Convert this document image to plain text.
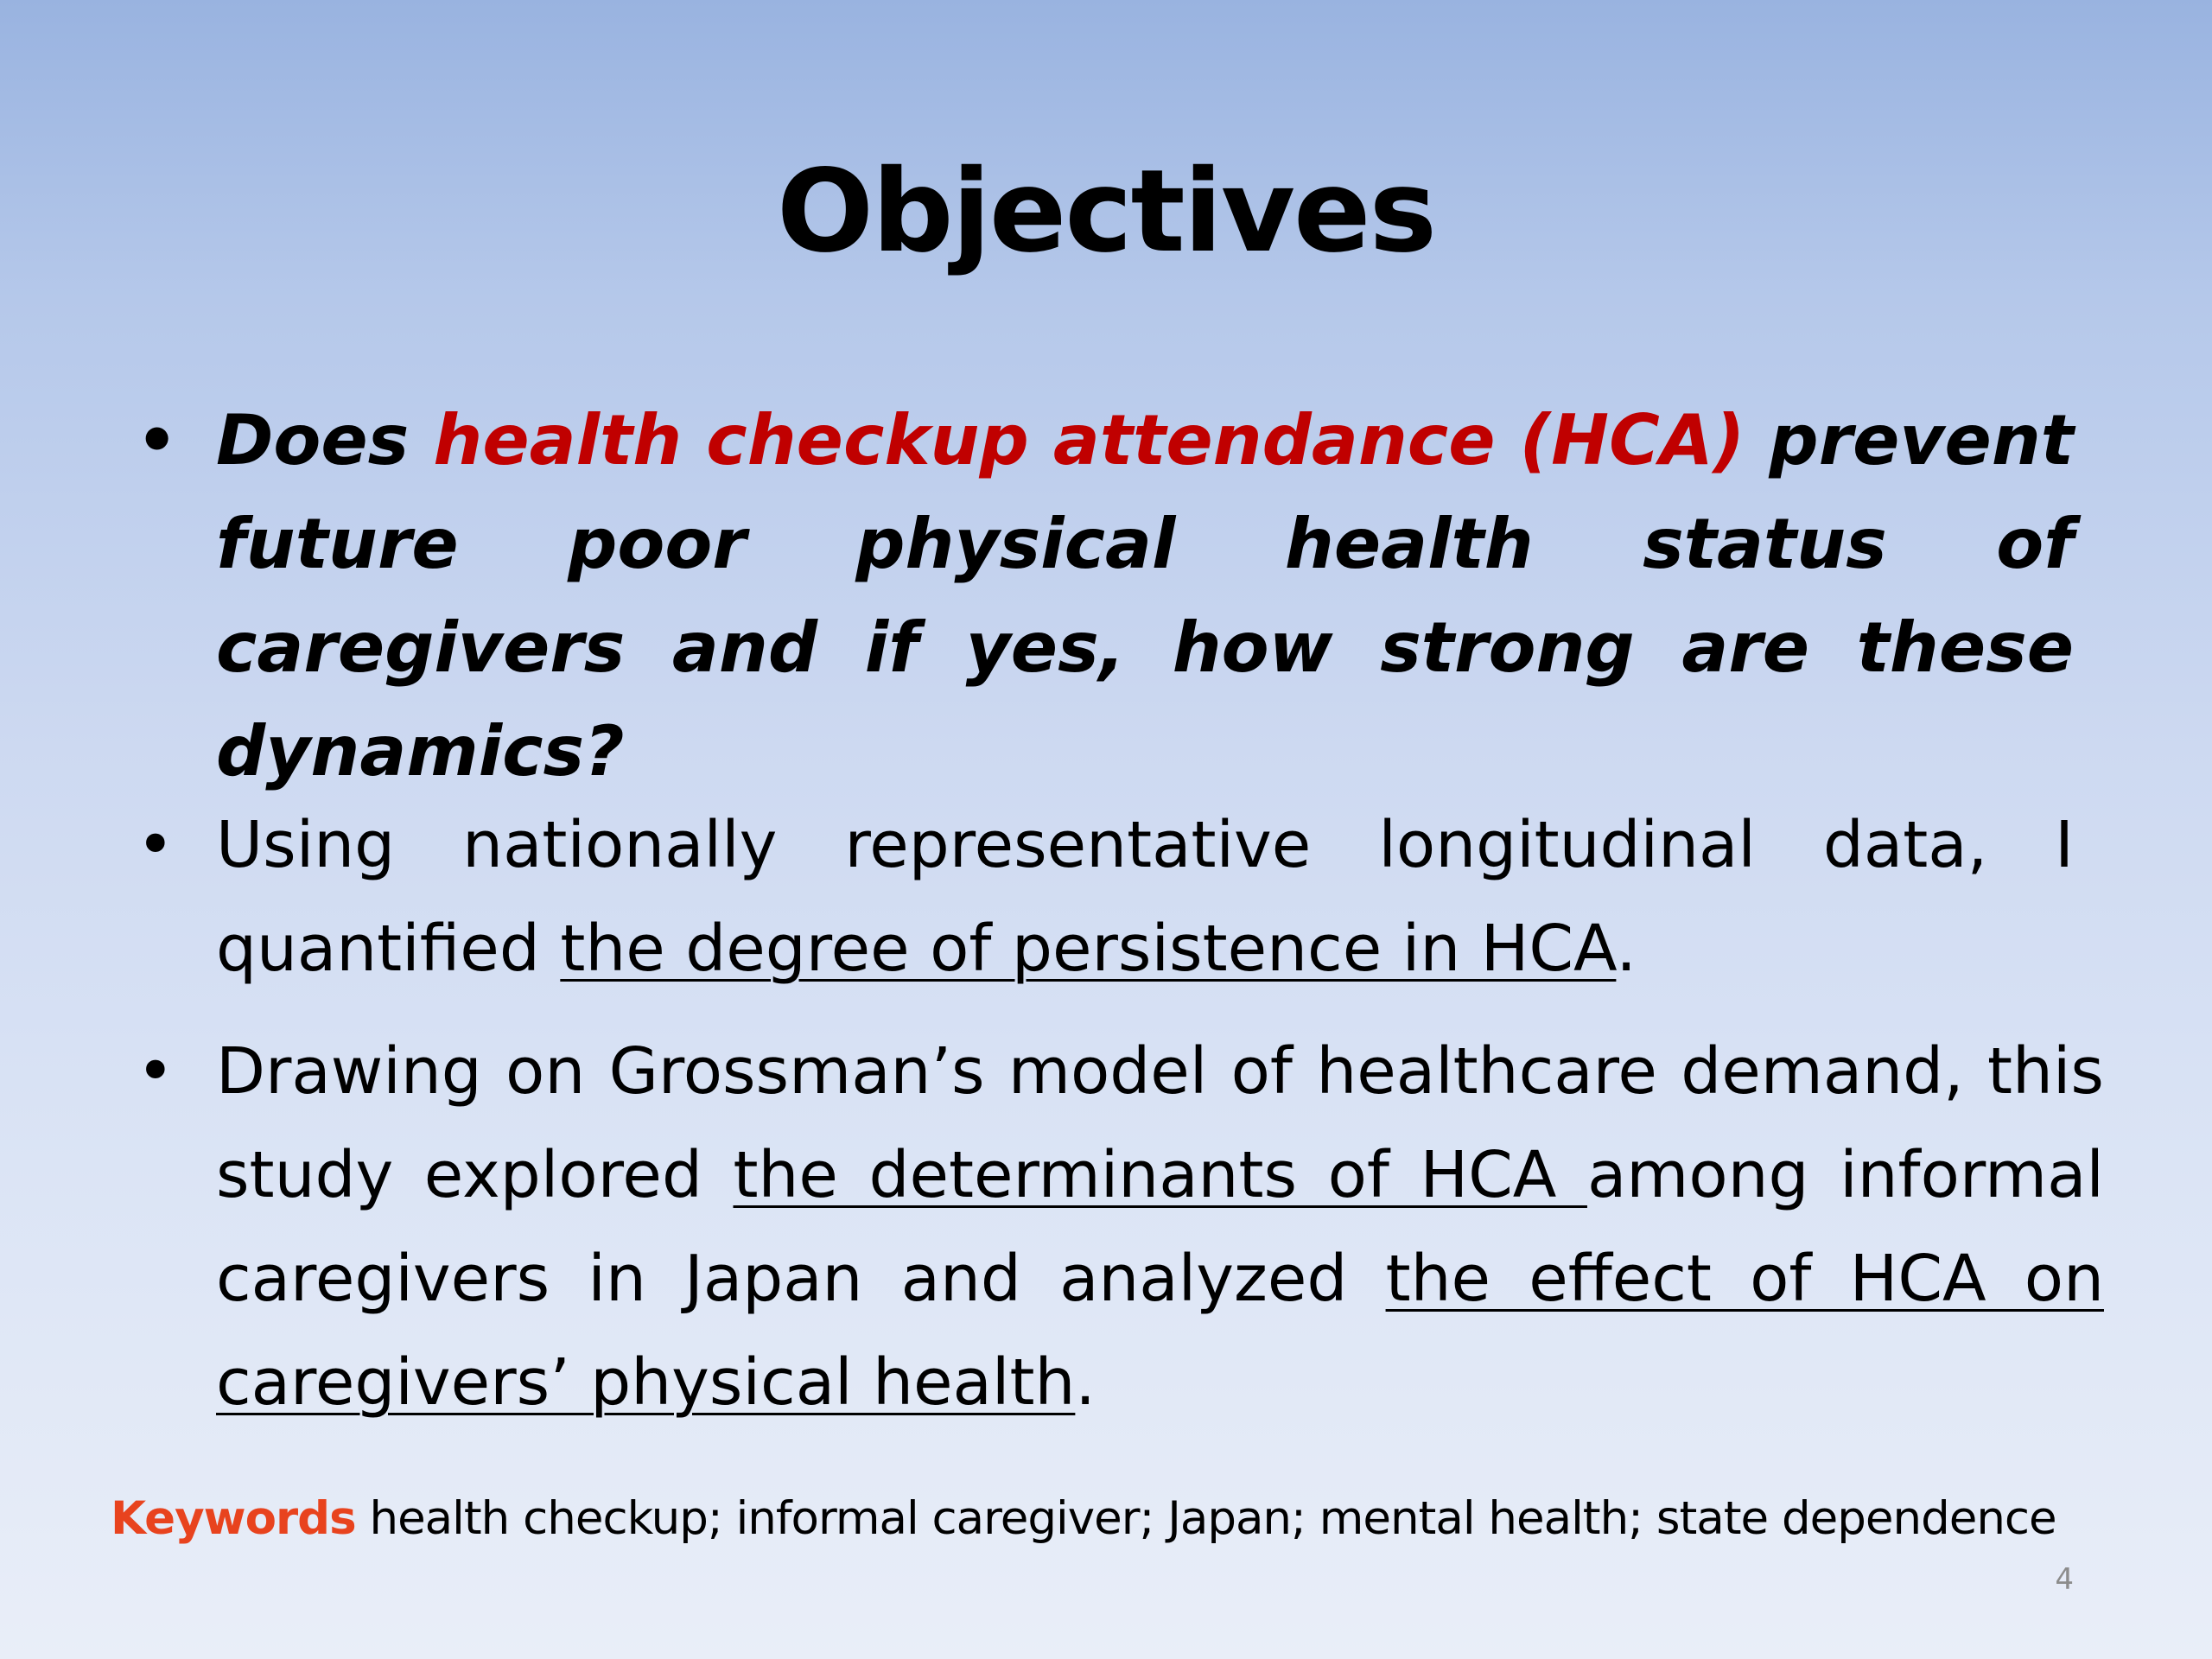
Objectives
• Does health checkup attendance (HCA) prevent future poor physical health status of caregivers and if yes, how strong are these dynamics?
• Using nationally representative longitudinal data, I quantified the degree of persistence in HCA.
• Drawing on Grossman’s model of healthcare demand, this study explored the determinants of HCA among informal caregivers in Japan and analyzed the effect of HCA on caregivers’ physical health.
Keywords health checkup; informal caregiver; Japan; mental health; state dependence
4
